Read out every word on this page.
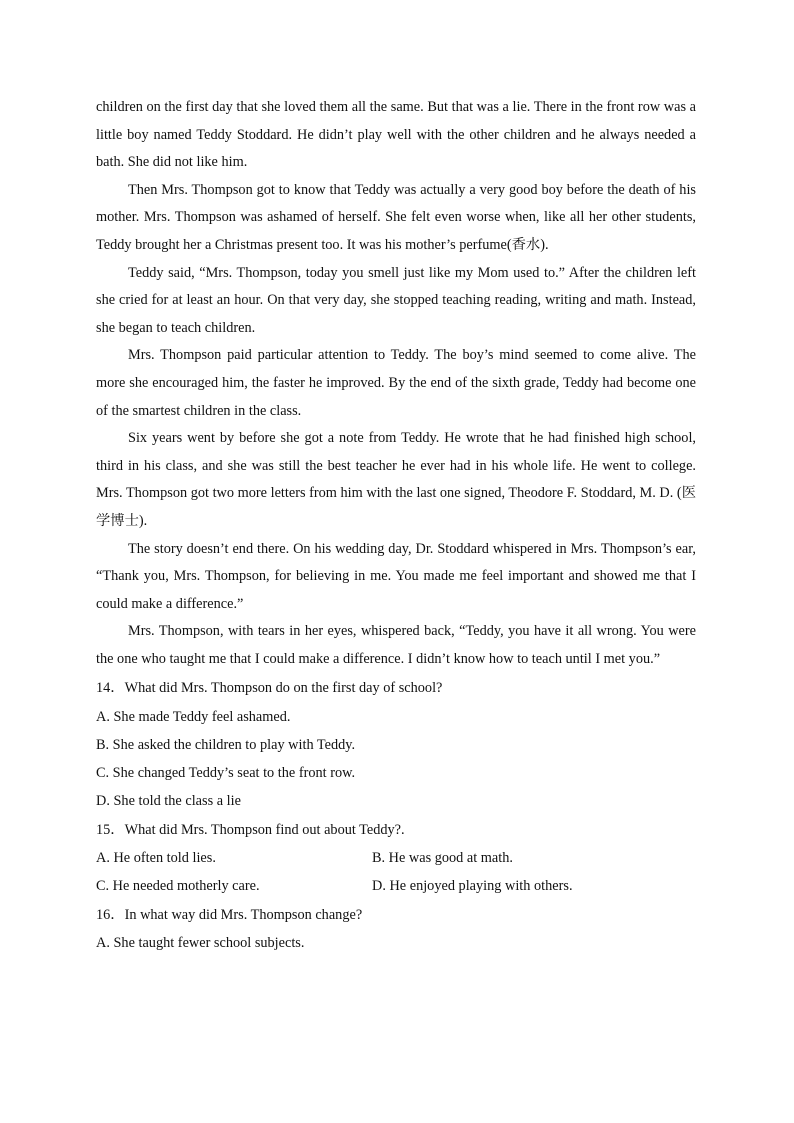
children on the first day that she loved them all the same. But that was a lie. There in the front row was a little boy named Teddy Stoddard. He didn’t play well with the other children and he always needed a bath. She did not like him.

Then Mrs. Thompson got to know that Teddy was actually a very good boy before the death of his mother. Mrs. Thompson was ashamed of herself. She felt even worse when, like all her other students, Teddy brought her a Christmas present too. It was his mother’s perfume(香水).

Teddy said, “Mrs. Thompson, today you smell just like my Mom used to.” After the children left she cried for at least an hour. On that very day, she stopped teaching reading, writing and math. Instead, she began to teach children.

Mrs. Thompson paid particular attention to Teddy. The boy’s mind seemed to come alive. The more she encouraged him, the faster he improved. By the end of the sixth grade, Teddy had become one of the smartest children in the class.

Six years went by before she got a note from Teddy. He wrote that he had finished high school, third in his class, and she was still the best teacher he ever had in his whole life. He went to college. Mrs. Thompson got two more letters from him with the last one signed, Theodore F. Stoddard, M. D. (医学博士).

The story doesn’t end there. On his wedding day, Dr. Stoddard whispered in Mrs. Thompson’s ear, “Thank you, Mrs. Thompson, for believing in me. You made me feel important and showed me that I could make a difference.”

Mrs. Thompson, with tears in her eyes, whispered back, “Teddy, you have it all wrong. You were the one who taught me that I could make a difference. I didn’t know how to teach until I met you.”

14．What did Mrs. Thompson do on the first day of school?

A. She made Teddy feel ashamed.

B. She asked the children to play with Teddy.

C. She changed Teddy’s seat to the front row.

D. She told the class a lie

15．What did Mrs. Thompson find out about Teddy?.

A. He often told lies.	B. He was good at math.
C. He needed motherly care.	D. He enjoyed playing with others.

16．In what way did Mrs. Thompson change?

A. She taught fewer school subjects.
